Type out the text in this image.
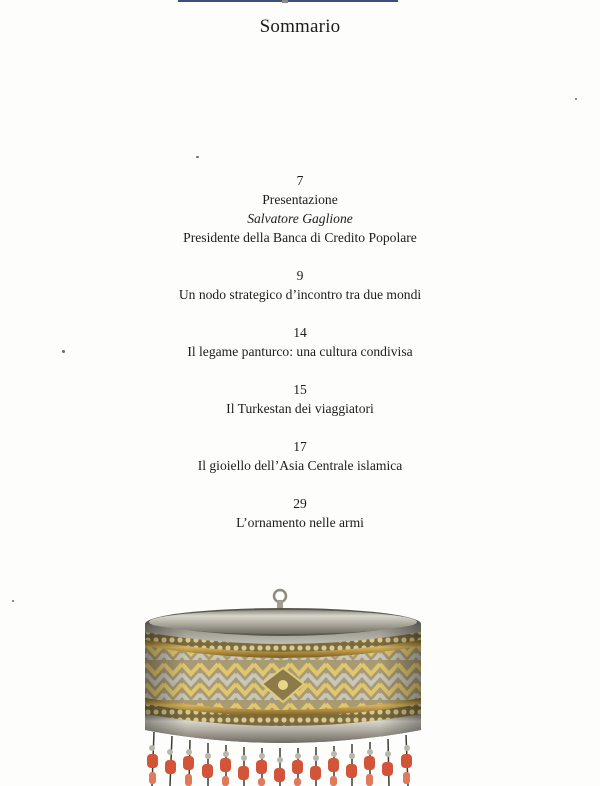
Sommario
7
Presentazione
Salvatore Gaglione
Presidente della Banca di Credito Popolare
9
Un nodo strategico d’incontro tra due mondi
14
Il legame panturco: una cultura condivisa
15
Il Turkestan dei viaggiatori
17
Il gioiello dell’Asia Centrale islamica
29
L’ornamento nelle armi
